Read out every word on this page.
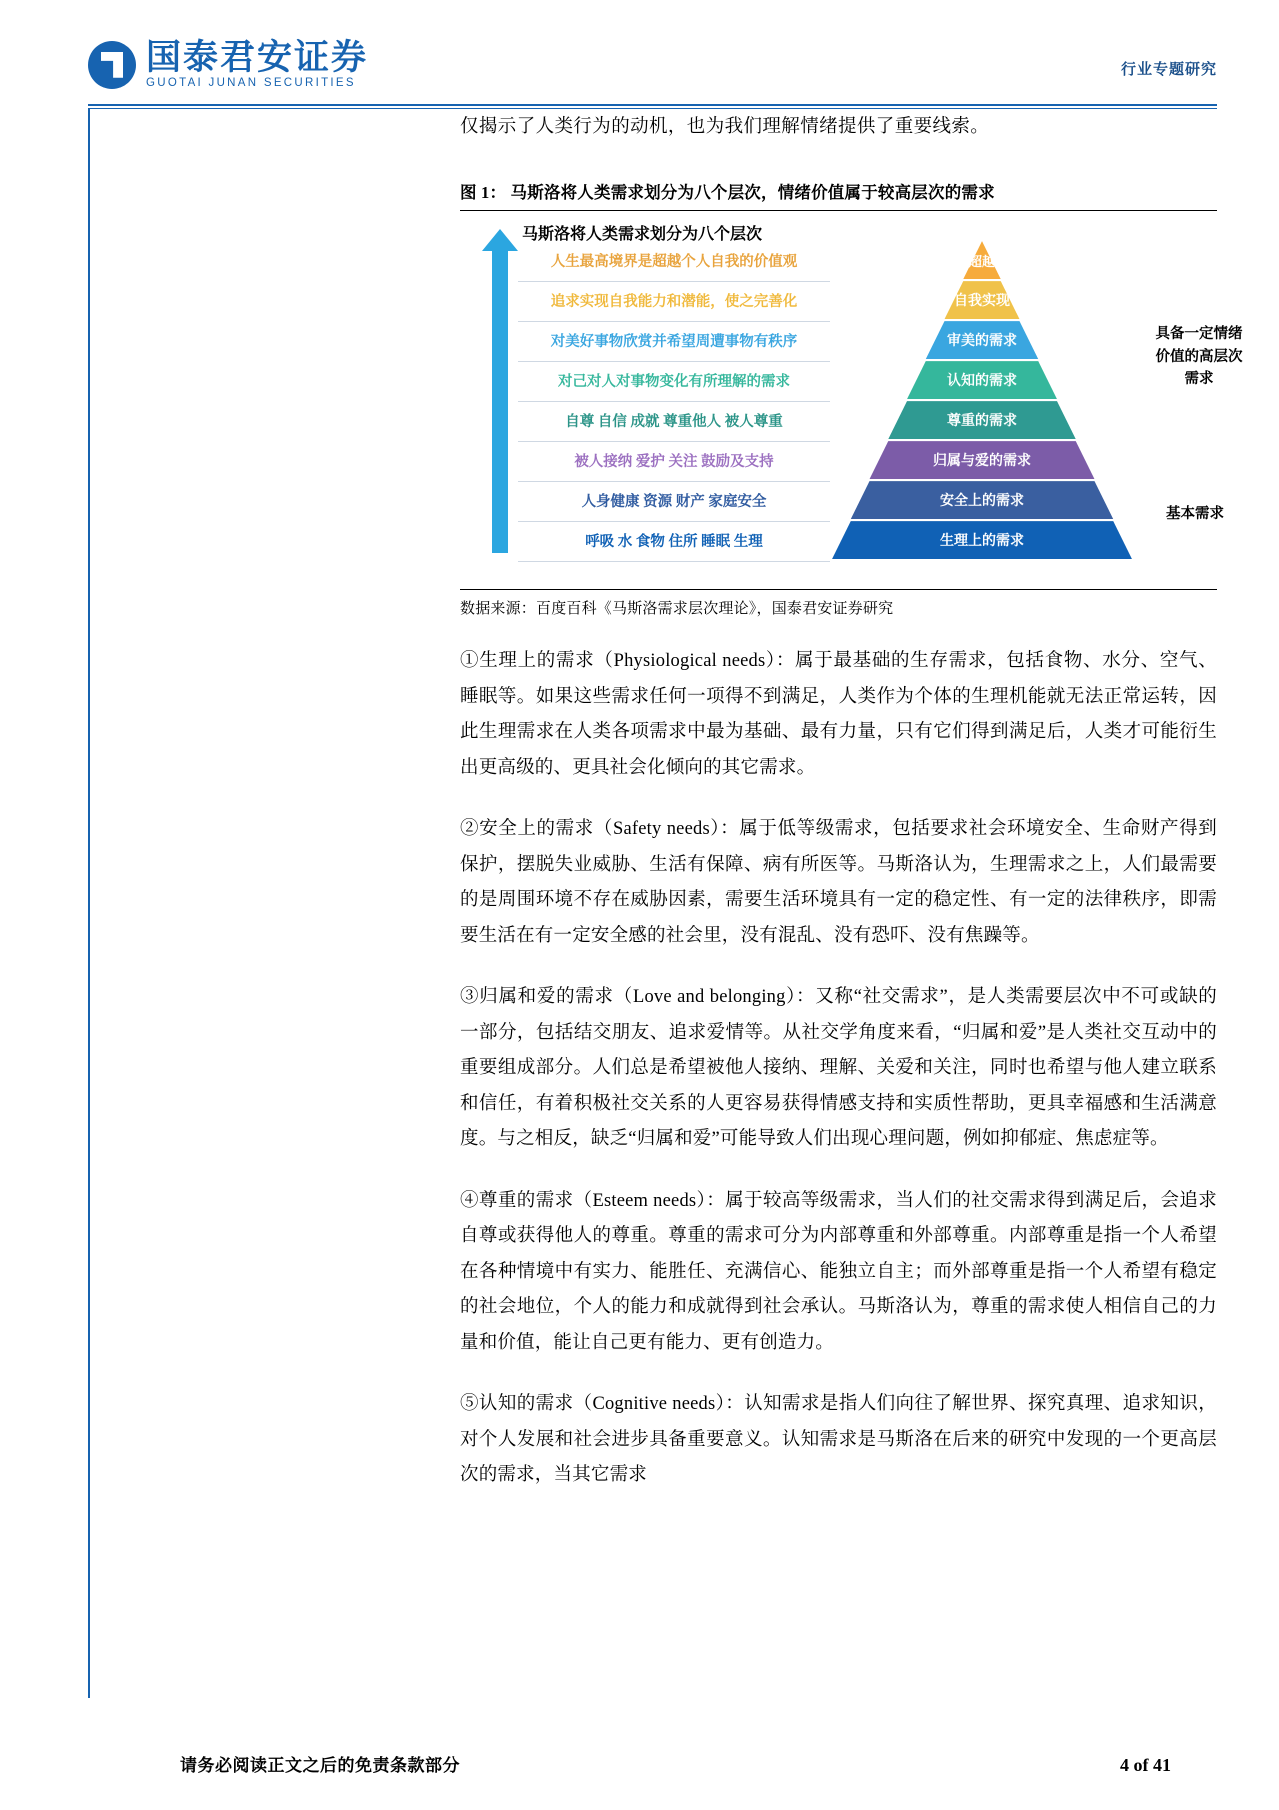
国泰君安证券
GUOTAI JUNAN SECURITIES
行业专题研究
仅揭示了人类行为的动机，也为我们理解情绪提供了重要线索。
图 1： 马斯洛将人类需求划分为八个层次，情绪价值属于较高层次的需求
马斯洛将人类需求划分为八个层次
超越
自我实现
审美的需求
认知的需求
尊重的需求
归属与爱的需求
安全上的需求
生理上的需求
具备一定情绪价值的高层次需求
基本需求
人生最高境界是超越个人自我的价值观
追求实现自我能力和潜能，使之完善化
对美好事物欣赏并希望周遭事物有秩序
对己对人对事物变化有所理解的需求
自尊 自信 成就 尊重他人 被人尊重
被人接纳 爱护 关注 鼓励及支持
人身健康 资源 财产 家庭安全
呼吸 水 食物 住所 睡眠 生理
数据来源：百度百科《马斯洛需求层次理论》，国泰君安证券研究
①生理上的需求（Physiological needs）：属于最基础的生存需求，包括食物、水分、空气、睡眠等。如果这些需求任何一项得不到满足，人类作为个体的生理机能就无法正常运转，因此生理需求在人类各项需求中最为基础、最有力量，只有它们得到满足后，人类才可能衍生出更高级的、更具社会化倾向的其它需求。
②安全上的需求（Safety needs）：属于低等级需求，包括要求社会环境安全、生命财产得到保护，摆脱失业威胁、生活有保障、病有所医等。马斯洛认为，生理需求之上，人们最需要的是周围环境不存在威胁因素，需要生活环境具有一定的稳定性、有一定的法律秩序，即需要生活在有一定安全感的社会里，没有混乱、没有恐吓、没有焦躁等。
③归属和爱的需求（Love and belonging）：又称“社交需求”，是人类需要层次中不可或缺的一部分，包括结交朋友、追求爱情等。从社交学角度来看，“归属和爱”是人类社交互动中的重要组成部分。人们总是希望被他人接纳、理解、关爱和关注，同时也希望与他人建立联系和信任，有着积极社交关系的人更容易获得情感支持和实质性帮助，更具幸福感和生活满意度。与之相反，缺乏“归属和爱”可能导致人们出现心理问题，例如抑郁症、焦虑症等。
④尊重的需求（Esteem needs）：属于较高等级需求，当人们的社交需求得到满足后，会追求自尊或获得他人的尊重。尊重的需求可分为内部尊重和外部尊重。内部尊重是指一个人希望在各种情境中有实力、能胜任、充满信心、能独立自主；而外部尊重是指一个人希望有稳定的社会地位，个人的能力和成就得到社会承认。马斯洛认为，尊重的需求使人相信自己的力量和价值，能让自己更有能力、更有创造力。
⑤认知的需求（Cognitive needs）：认知需求是指人们向往了解世界、探究真理、追求知识，对个人发展和社会进步具备重要意义。认知需求是马斯洛在后来的研究中发现的一个更高层次的需求，当其它需求
请务必阅读正文之后的免责条款部分	4 of 41
